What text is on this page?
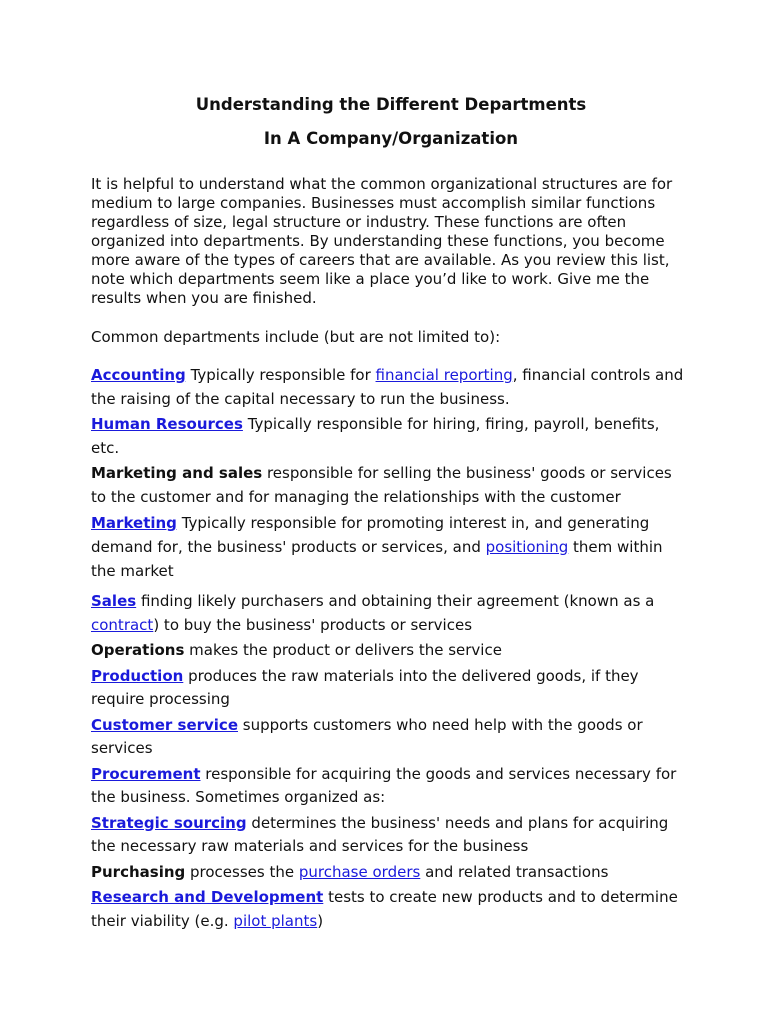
Understanding the Different Departments
In A Company/Organization

It is helpful to understand what the common organizational structures are for medium to large companies. Businesses must accomplish similar functions regardless of size, legal structure or industry. These functions are often organized into departments. By understanding these functions, you become more aware of the types of careers that are available. As you review this list, note which departments seem like a place you’d like to work. Give me the results when you are finished.

Common departments include (but are not limited to):

Accounting Typically responsible for financial reporting, financial controls and the raising of the capital necessary to run the business.

Human Resources Typically responsible for hiring, firing, payroll, benefits, etc.

Marketing and sales responsible for selling the business' goods or services to the customer and for managing the relationships with the customer

Marketing Typically responsible for promoting interest in, and generating demand for, the business' products or services, and positioning them within the market

Sales finding likely purchasers and obtaining their agreement (known as a contract) to buy the business' products or services

Operations makes the product or delivers the service

Production produces the raw materials into the delivered goods, if they require processing

Customer service supports customers who need help with the goods or services

Procurement responsible for acquiring the goods and services necessary for the business. Sometimes organized as:

Strategic sourcing determines the business' needs and plans for acquiring the necessary raw materials and services for the business

Purchasing processes the purchase orders and related transactions

Research and Development tests to create new products and to determine their viability (e.g. pilot plants)
